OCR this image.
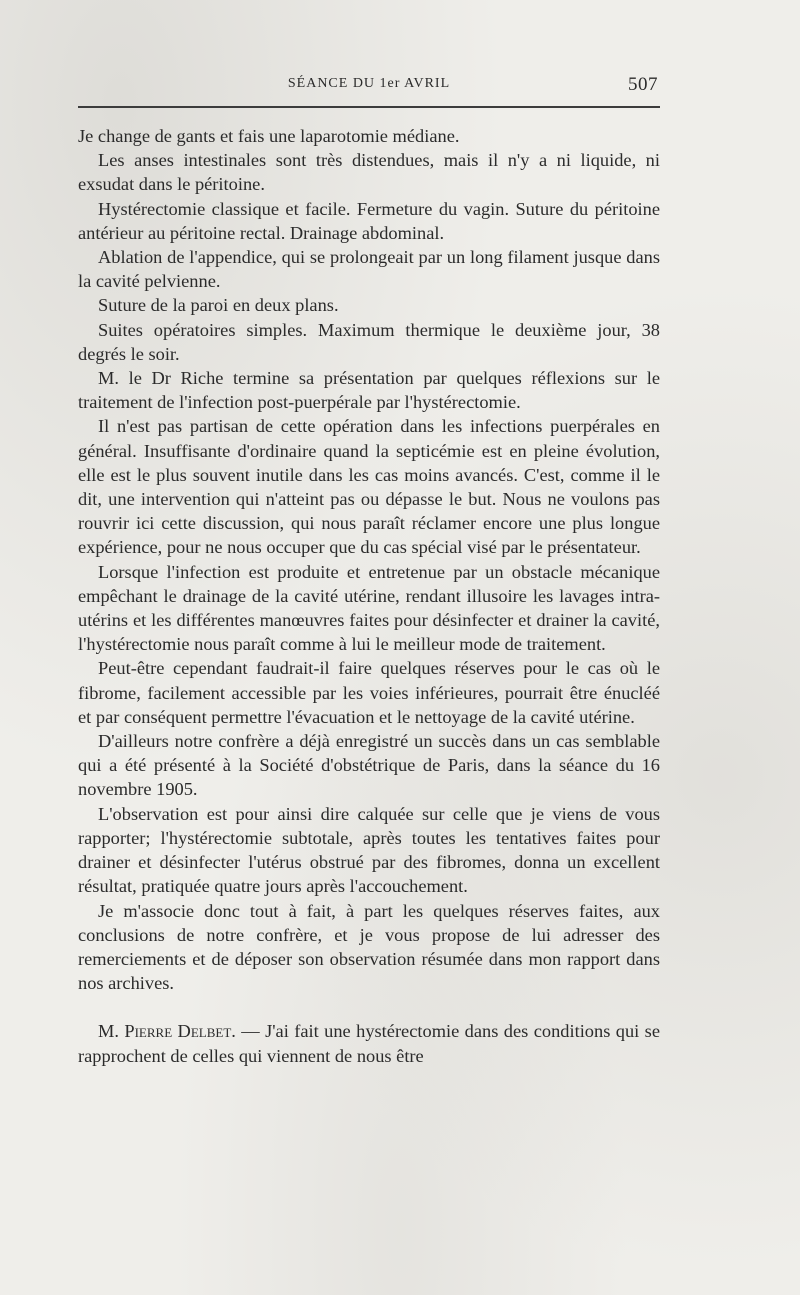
SÉANCE DU 1er AVRIL	507

Je change de gants et fais une laparotomie médiane.

Les anses intestinales sont très distendues, mais il n'y a ni liquide, ni exsudat dans le péritoine.

Hystérectomie classique et facile. Fermeture du vagin. Suture du péritoine antérieur au péritoine rectal. Drainage abdominal.

Ablation de l'appendice, qui se prolongeait par un long filament jusque dans la cavité pelvienne.

Suture de la paroi en deux plans.

Suites opératoires simples. Maximum thermique le deuxième jour, 38 degrés le soir.

M. le Dr Riche termine sa présentation par quelques réflexions sur le traitement de l'infection post-puerpérale par l'hystérectomie.

Il n'est pas partisan de cette opération dans les infections puerpérales en général. Insuffisante d'ordinaire quand la septicémie est en pleine évolution, elle est le plus souvent inutile dans les cas moins avancés. C'est, comme il le dit, une intervention qui n'atteint pas ou dépasse le but. Nous ne voulons pas rouvrir ici cette discussion, qui nous paraît réclamer encore une plus longue expérience, pour ne nous occuper que du cas spécial visé par le présentateur.

Lorsque l'infection est produite et entretenue par un obstacle mécanique empêchant le drainage de la cavité utérine, rendant illusoire les lavages intra-utérins et les différentes manœuvres faites pour désinfecter et drainer la cavité, l'hystérectomie nous paraît comme à lui le meilleur mode de traitement.

Peut-être cependant faudrait-il faire quelques réserves pour le cas où le fibrome, facilement accessible par les voies inférieures, pourrait être énucléé et par conséquent permettre l'évacuation et le nettoyage de la cavité utérine.

D'ailleurs notre confrère a déjà enregistré un succès dans un cas semblable qui a été présenté à la Société d'obstétrique de Paris, dans la séance du 16 novembre 1905.

L'observation est pour ainsi dire calquée sur celle que je viens de vous rapporter; l'hystérectomie subtotale, après toutes les tentatives faites pour drainer et désinfecter l'utérus obstrué par des fibromes, donna un excellent résultat, pratiquée quatre jours après l'accouchement.

Je m'associe donc tout à fait, à part les quelques réserves faites, aux conclusions de notre confrère, et je vous propose de lui adresser des remerciements et de déposer son observation résumée dans mon rapport dans nos archives.

M. Pierre Delbet. — J'ai fait une hystérectomie dans des conditions qui se rapprochent de celles qui viennent de nous être
